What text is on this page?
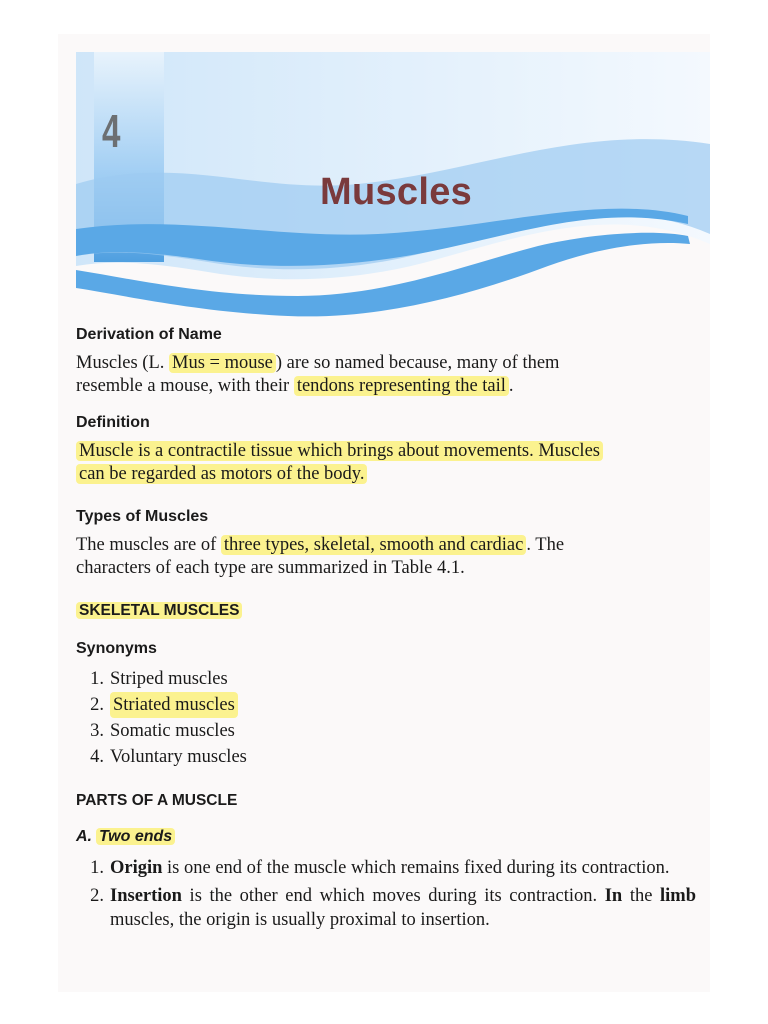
4
Muscles
Derivation of Name

Muscles (L. Mus = mouse ) are so named because, many of them
resemble a mouse, with their tendons representing the tail .

Definition

Muscle is a contractile tissue which brings about movements. Muscles
can be regarded as motors of the body.

Types of Muscles

The muscles are of three types, skeletal, smooth and cardiac . The
characters of each type are summarized in Table 4.1.

SKELETAL MUSCLES
Synonyms
1. Striped muscles
2. Striated muscles
3. Somatic muscles
4. Voluntary muscles
PARTS OF A MUSCLE
A. Two ends
1. Origin is one end of the muscle which remains fixed during its contraction.
2. Insertion is the other end which moves during its contraction. In the limb muscles, the origin is usually proximal to insertion.
